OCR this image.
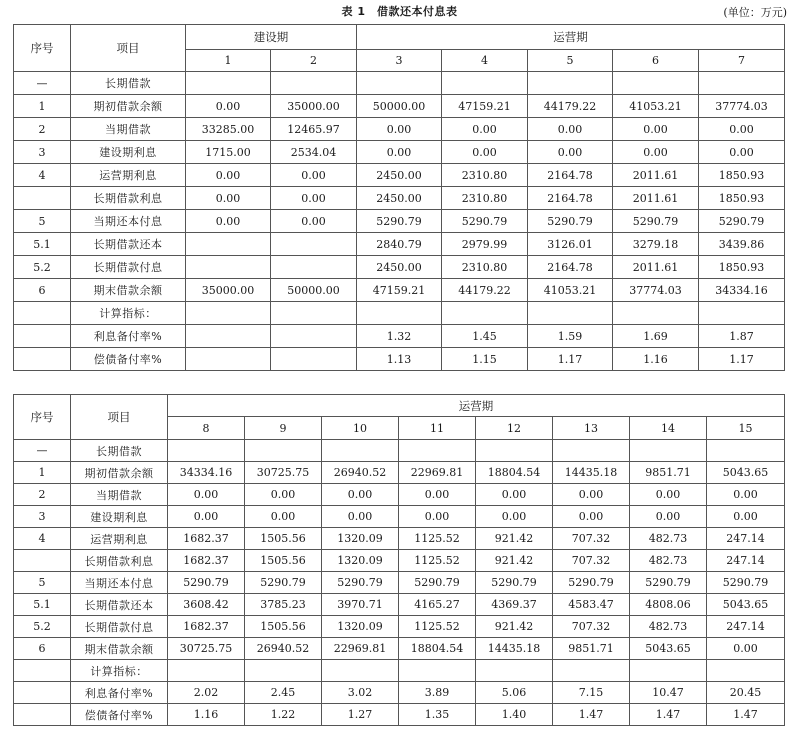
表 1　借款还本付息表	(单位：万元)
序号	项目	建设期		运营期				
		1	2	3	4	5	6	7
—	长期借款							
1	期初借款余额	0.00	35000.00	50000.00	47159.21	44179.22	41053.21	37774.03
2	当期借款	33285.00	12465.97	0.00	0.00	0.00	0.00	0.00
3	建设期利息	1715.00	2534.04	0.00	0.00	0.00	0.00	0.00
4	运营期利息	0.00	0.00	2450.00	2310.80	2164.78	2011.61	1850.93
	长期借款利息	0.00	0.00	2450.00	2310.80	2164.78	2011.61	1850.93
5	当期还本付息	0.00	0.00	5290.79	5290.79	5290.79	5290.79	5290.79
5.1	长期借款还本			2840.79	2979.99	3126.01	3279.18	3439.86
5.2	长期借款付息			2450.00	2310.80	2164.78	2011.61	1850.93
6	期末借款余额	35000.00	50000.00	47159.21	44179.22	41053.21	37774.03	34334.16
	计算指标：							
	利息备付率%			1.32	1.45	1.59	1.69	1.87
	偿债备付率%			1.13	1.15	1.17	1.16	1.17
序号	项目	运营期							
		8	9	10	11	12	13	14	15
—	长期借款								
1	期初借款余额	34334.16	30725.75	26940.52	22969.81	18804.54	14435.18	9851.71	5043.65
2	当期借款	0.00	0.00	0.00	0.00	0.00	0.00	0.00	0.00
3	建设期利息	0.00	0.00	0.00	0.00	0.00	0.00	0.00	0.00
4	运营期利息	1682.37	1505.56	1320.09	1125.52	921.42	707.32	482.73	247.14
	长期借款利息	1682.37	1505.56	1320.09	1125.52	921.42	707.32	482.73	247.14
5	当期还本付息	5290.79	5290.79	5290.79	5290.79	5290.79	5290.79	5290.79	5290.79
5.1	长期借款还本	3608.42	3785.23	3970.71	4165.27	4369.37	4583.47	4808.06	5043.65
5.2	长期借款付息	1682.37	1505.56	1320.09	1125.52	921.42	707.32	482.73	247.14
6	期末借款余额	30725.75	26940.52	22969.81	18804.54	14435.18	9851.71	5043.65	0.00
	计算指标：								
	利息备付率%	2.02	2.45	3.02	3.89	5.06	7.15	10.47	20.45
	偿债备付率%	1.16	1.22	1.27	1.35	1.40	1.47	1.47	1.47
